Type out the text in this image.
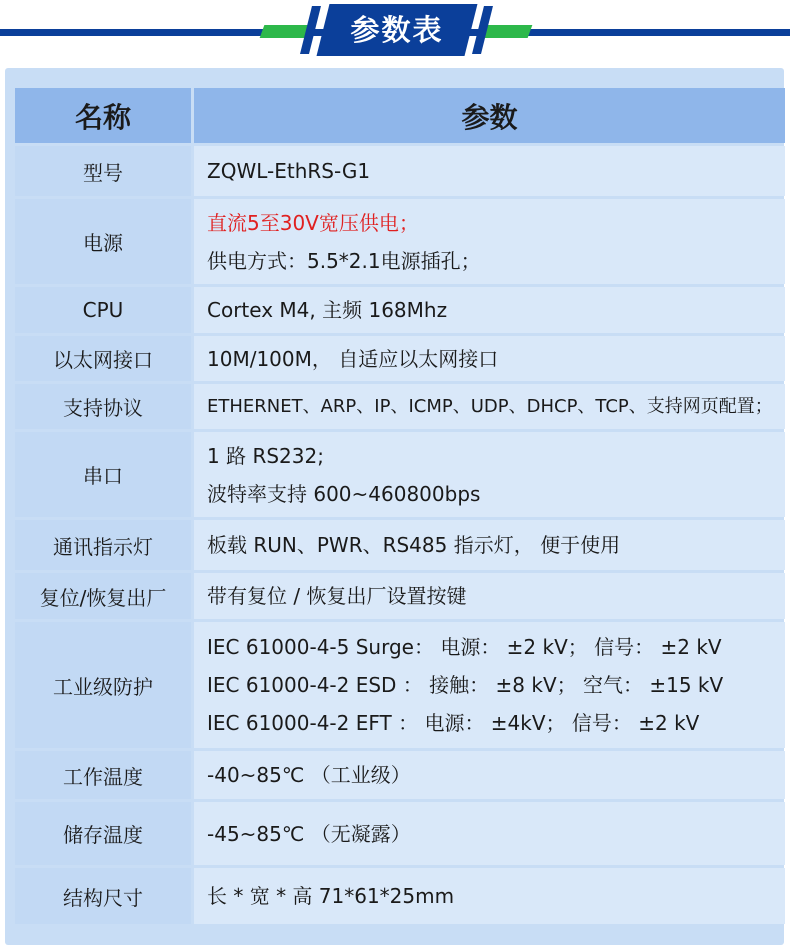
参数表
名称	参数
型号	ZQWL-EthRS-G1

电源	直流5至30V宽压供电；
供电方式：5.5*2.1电源插孔；

CPU	Cortex M4, 主频 168Mhz

以太网接口	10M/100M， 自适应以太网接口

支持协议	ETHERNET、ARP、IP、ICMP、UDP、DHCP、TCP、支持网页配置；

串口	1 路 RS232;
波特率支持 600~460800bps

通讯指示灯	板载 RUN、PWR、RS485 指示灯， 便于使用

复位/恢复出厂	带有复位 / 恢复出厂设置按键

工业级防护	IEC 61000-4-5 Surge： 电源： ±2 kV； 信号： ±2 kV
IEC 61000-4-2 ESD ： 接触： ±8 kV； 空气： ±15 kV
IEC 61000-4-2 EFT ： 电源： ±4kV； 信号： ±2 kV

工作温度	-40~85℃ （工业级）

储存温度	-45~85℃ （无凝露）

结构尺寸	长 * 宽 * 高 71*61*25mm
